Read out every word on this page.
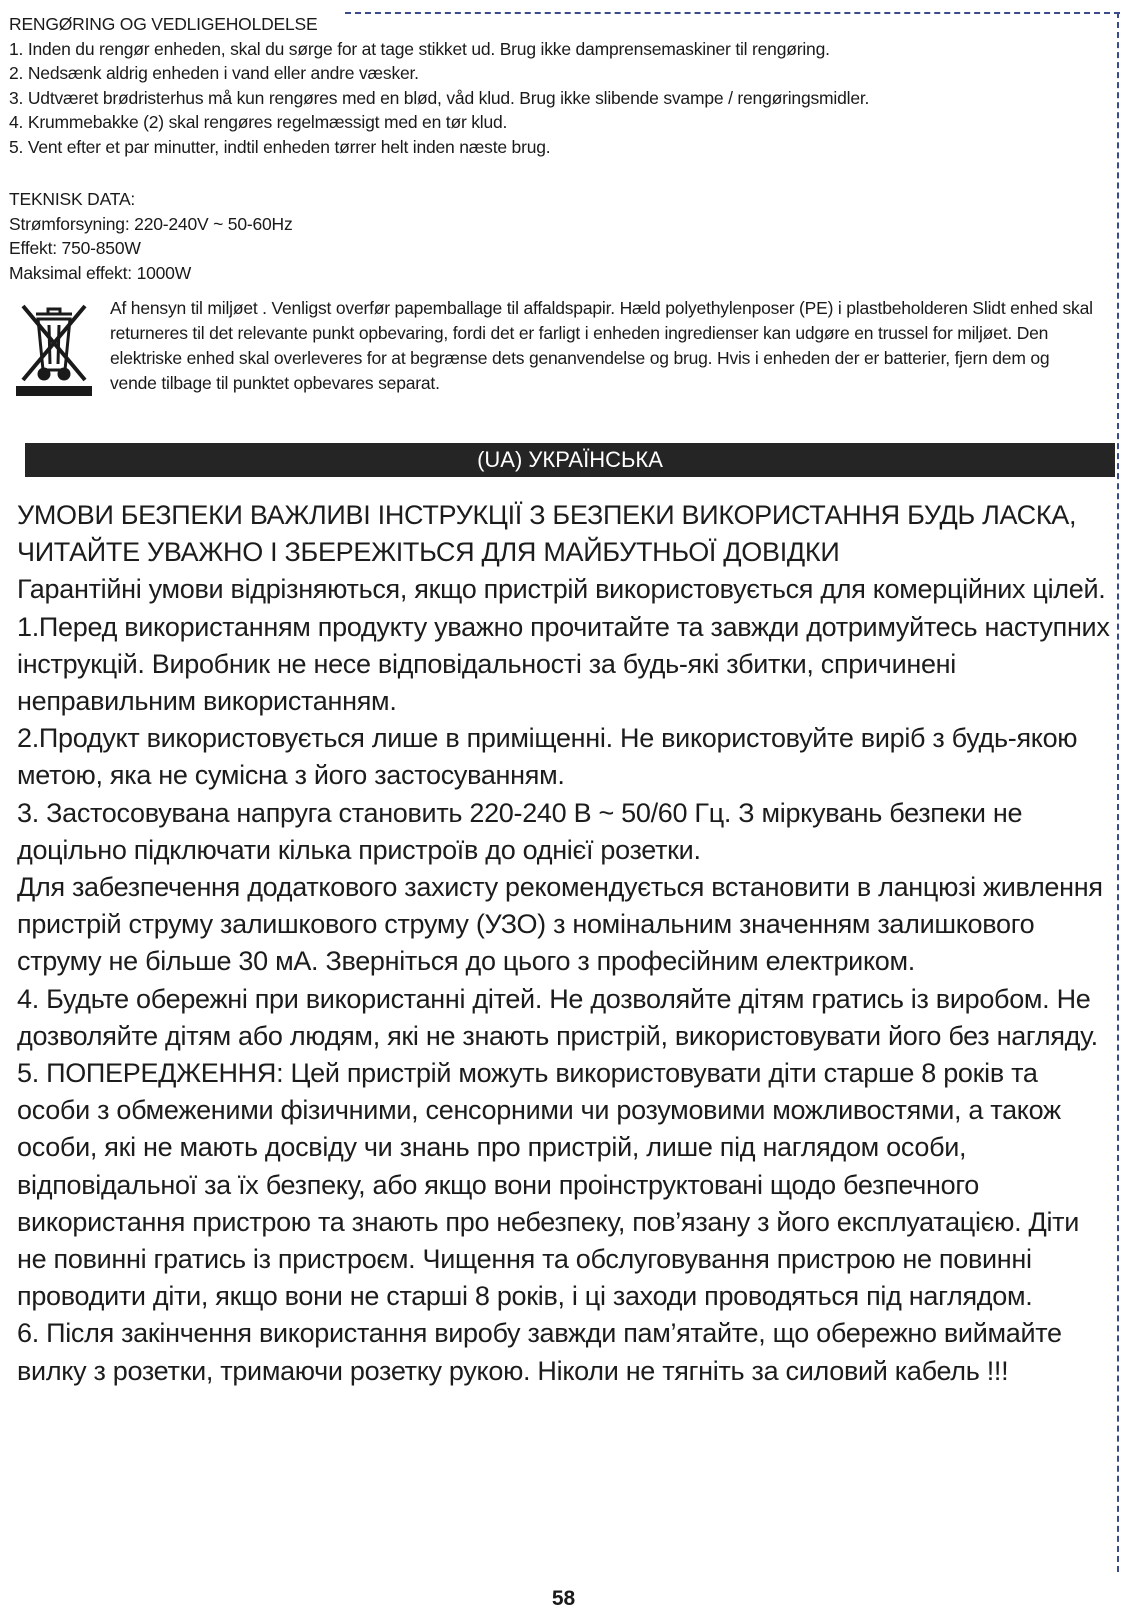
RENGØRING OG VEDLIGEHOLDELSE

1. Inden du rengør enheden, skal du sørge for at tage stikket ud. Brug ikke damprensemaskiner til rengøring.

2. Nedsænk aldrig enheden i vand eller andre væsker.

3. Udtværet brødristerhus må kun rengøres med en blød, våd klud. Brug ikke slibende svampe / rengøringsmidler.

4. Krummebakke (2) skal rengøres regelmæssigt med en tør klud.

5. Vent efter et par minutter, indtil enheden tørrer helt inden næste brug.

TEKNISK DATA:

Strømforsyning: 220-240V ~ 50-60Hz

Effekt: 750-850W

Maksimal effekt: 1000W

Af hensyn til miljøet . Venligst overfør papemballage til affaldspapir. Hæld polyethylenposer (PE) i plastbeholderen Slidt enhed skal returneres til det relevante punkt opbevaring, fordi det er farligt i enheden ingredienser kan udgøre en trussel for miljøet. Den elektriske enhed skal overleveres for at begrænse dets genanvendelse og brug. Hvis i enheden der er batterier, fjern dem og vende tilbage til punktet opbevares separat.

(UA) УКРАЇНСЬКА

УМОВИ БЕЗПЕКИ ВАЖЛИВІ ІНСТРУКЦІЇ З БЕЗПЕКИ ВИКОРИСТАННЯ БУДЬ ЛАСКА, ЧИТАЙТЕ УВАЖНО І ЗБЕРЕЖІТЬСЯ ДЛЯ МАЙБУТНЬОЇ ДОВІДКИ

Гарантійні умови відрізняються, якщо пристрій використовується для комерційних цілей.

1.Перед використанням продукту уважно прочитайте та завжди дотримуйтесь наступних інструкцій. Виробник не несе відповідальності за будь-які збитки, спричинені неправильним використанням.

2.Продукт використовується лише в приміщенні. Не використовуйте виріб з будь-якою метою, яка не сумісна з його застосуванням.

3. Застосовувана напруга становить 220-240 В ~ 50/60 Гц. З міркувань безпеки не доцільно підключати кілька пристроїв до однієї розетки.

Для забезпечення додаткового захисту рекомендується встановити в ланцюзі живлення пристрій струму залишкового струму (УЗО) з номінальним значенням залишкового струму не більше 30 мА. Зверніться до цього з професійним електриком.

4. Будьте обережні при використанні дітей. Не дозволяйте дітям гратись із виробом. Не дозволяйте дітям або людям, які не знають пристрій, використовувати його без нагляду.

5. ПОПЕРЕДЖЕННЯ: Цей пристрій можуть використовувати діти старше 8 років та особи з обмеженими фізичними, сенсорними чи розумовими можливостями, а також особи, які не мають досвіду чи знань про пристрій, лише під наглядом особи, відповідальної за їх безпеку, або якщо вони проінструктовані щодо безпечного використання пристрою та знають про небезпеку, пов’язану з його експлуатацією. Діти не повинні гратись із пристроєм. Чищення та обслуговування пристрою не повинні проводити діти, якщо вони не старші 8 років, і ці заходи проводяться під наглядом.

6. Після закінчення використання виробу завжди пам’ятайте, що обережно виймайте вилку з розетки, тримаючи розетку рукою. Ніколи не тягніть за силовий кабель !!!

58
